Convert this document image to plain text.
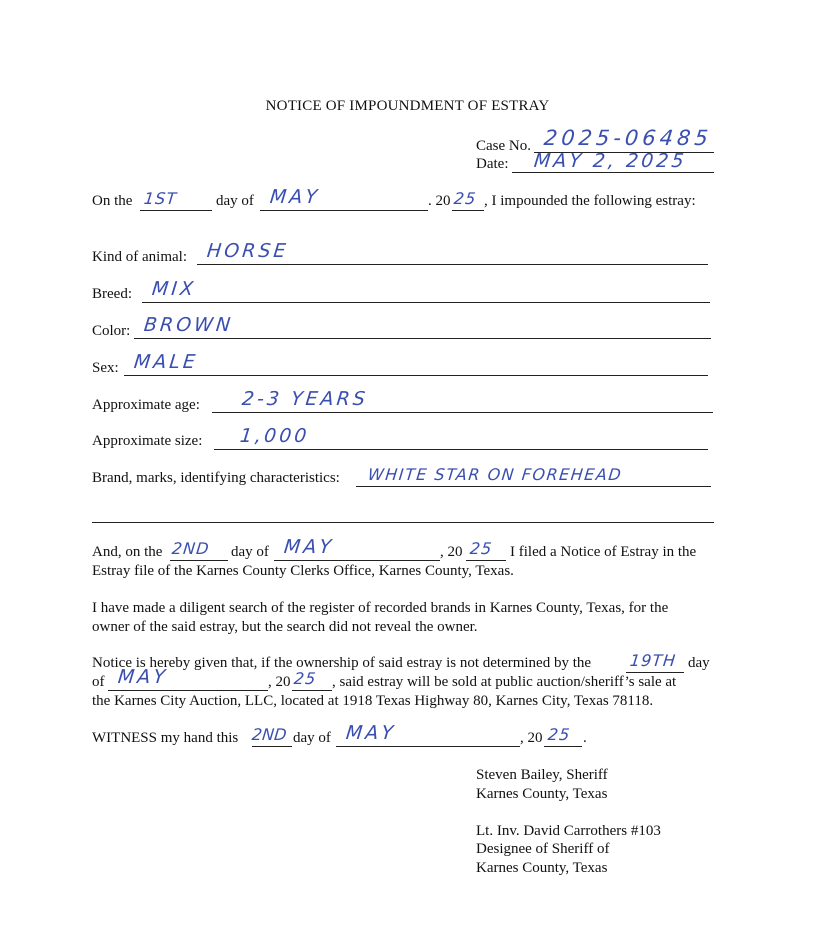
NOTICE OF IMPOUNDMENT OF ESTRAY
Case No. 2025-06485
Date: MAY 2, 2025
On the 1ST	day of MAY	. 20 25 , I impounded the following estray:
Kind of animal: HORSE
Breed: MIX
Color: BROWN
Sex: MALE
Approximate age: 2-3 YEARS
Approximate size: 1,000
Brand, marks, identifying characteristics: WHITE STAR ON FOREHEAD
And, on the 2ND day of MAY	, 20 25 I filed a Notice of Estray in the
Estray file of the Karnes County Clerks Office, Karnes County, Texas.
I have made a diligent search of the register of recorded brands in Karnes County, Texas, for the
owner of the said estray, but the search did not reveal the owner.
Notice is hereby given that, if the ownership of said estray is not determined by the 19TH day
of MAY	, 20 25 , said estray will be sold at public auction/sheriff’s sale at
the Karnes City Auction, LLC, located at 1918 Texas Highway 80, Karnes City, Texas 78118.
WITNESS my hand this 2ND day of MAY	, 20 25 .
Steven Bailey, Sheriff
Karnes County, Texas
Lt. Inv. David Carrothers #103
Designee of Sheriff of
Karnes County, Texas
